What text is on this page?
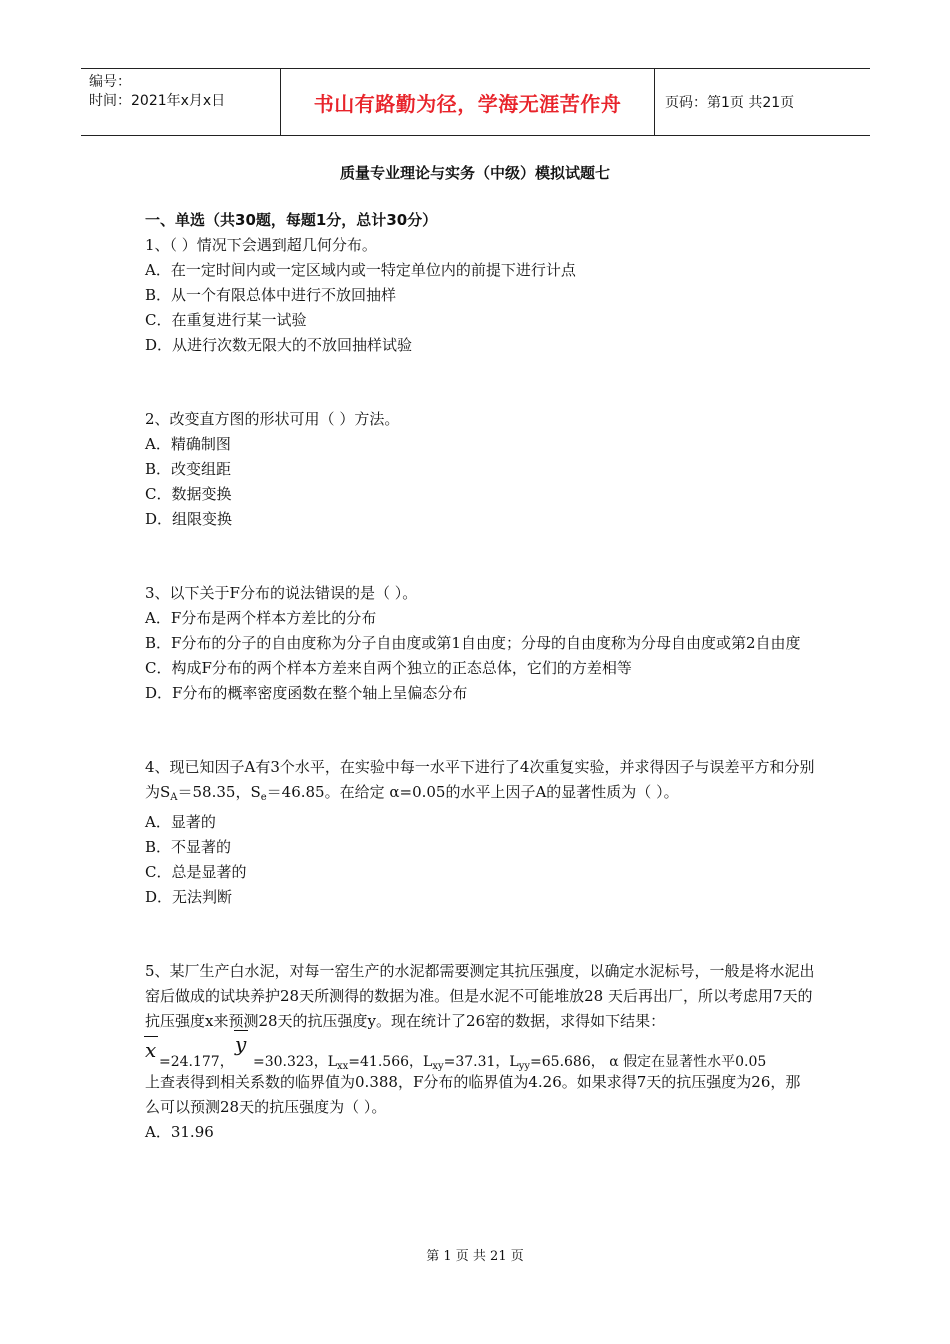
编号：
时间：2021年x月x日	书山有路勤为径，学海无涯苦作舟	页码：第1页 共21页
质量专业理论与实务（中级）模拟试题七
一、单选（共30题，每题1分，总计30分）

1、（ ）情况下会遇到超几何分布。

A．在一定时间内或一定区域内或一特定单位内的前提下进行计点

B．从一个有限总体中进行不放回抽样

C．在重复进行某一试验

D．从进行次数无限大的不放回抽样试验

2、改变直方图的形状可用（ ）方法。

A．精确制图

B．改变组距

C．数据变换

D．组限变换

3、以下关于F分布的说法错误的是（ ）。

A．F分布是两个样本方差比的分布

B．F分布的分子的自由度称为分子自由度或第1自由度；分母的自由度称为分母自由度或第2自由度

C．构成F分布的两个样本方差来自两个独立的正态总体，它们的方差相等

D．F分布的概率密度函数在整个轴上呈偏态分布

4、现已知因子A有3个水平，在实验中每一水平下进行了4次重复实验，并求得因子与误差平方和分别为$S_A=58.35$，$S_e=46.85$。在给定 α=0.05的水平上因子A的显著性质为（ ）。

A．显著的

B．不显著的

C．总是显著的

D．无法判断

5、某厂生产白水泥，对每一窑生产的水泥都需要测定其抗压强度，以确定水泥标号，一般是将水泥出窑后做成的试块养护28天所测得的数据为准。但是水泥不可能堆放28 天后再出厂，所以考虑用7天的抗压强度x来预测28天的抗压强度y。现在统计了26窑的数据，求得如下结果：

x =24.177，
y
=30.323，$L_{xx}=41.566$，$L_{xy}=37.31$，$L_{yy}=65.686$， α 假定在显著性水平0.05

上查表得到相关系数的临界值为0.388，F分布的临界值为4.26。如果求得7天的抗压强度为26，那么可以预测28天的抗压强度为（ ）。

A．31.96

第 1 页 共 21 页
